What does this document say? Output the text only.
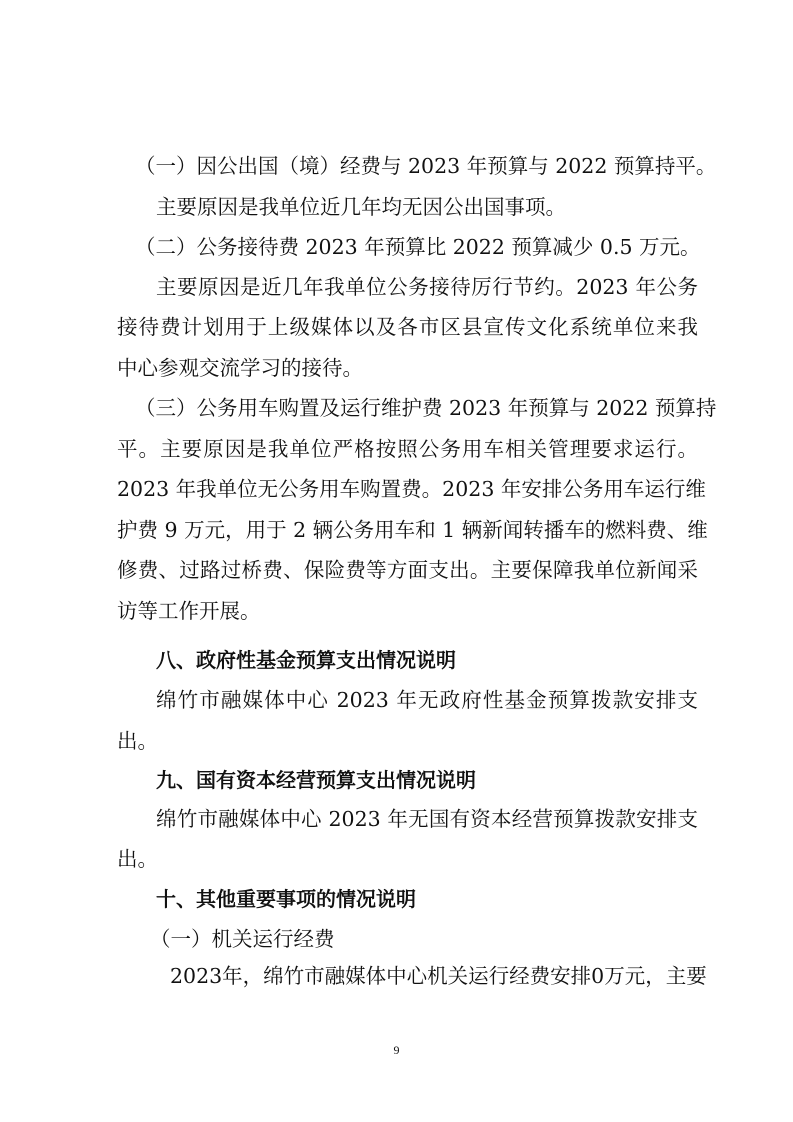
（一）因公出国（境）经费与 2023 年预算与 2022 预算持平。
主要原因是我单位近几年均无因公出国事项。
（二）公务接待费 2023 年预算比 2022 预算减少 0.5 万元。
主要原因是近几年我单位公务接待厉行节约。2023 年公务
接待费计划用于上级媒体以及各市区县宣传文化系统单位来我
中心参观交流学习的接待。
（三）公务用车购置及运行维护费 2023 年预算与 2022 预算持
平。主要原因是我单位严格按照公务用车相关管理要求运行。
2023 年我单位无公务用车购置费。2023 年安排公务用车运行维
护费 9 万元，用于 2 辆公务用车和 1 辆新闻转播车的燃料费、维
修费、过路过桥费、保险费等方面支出。主要保障我单位新闻采
访等工作开展。
八、政府性基金预算支出情况说明
绵竹市融媒体中心 2023 年无政府性基金预算拨款安排支
出。
九、国有资本经营预算支出情况说明
绵竹市融媒体中心 2023 年无国有资本经营预算拨款安排支
出。
十、其他重要事项的情况说明
（一）机关运行经费
2023年，绵竹市融媒体中心机关运行经费安排0万元，主要
9
